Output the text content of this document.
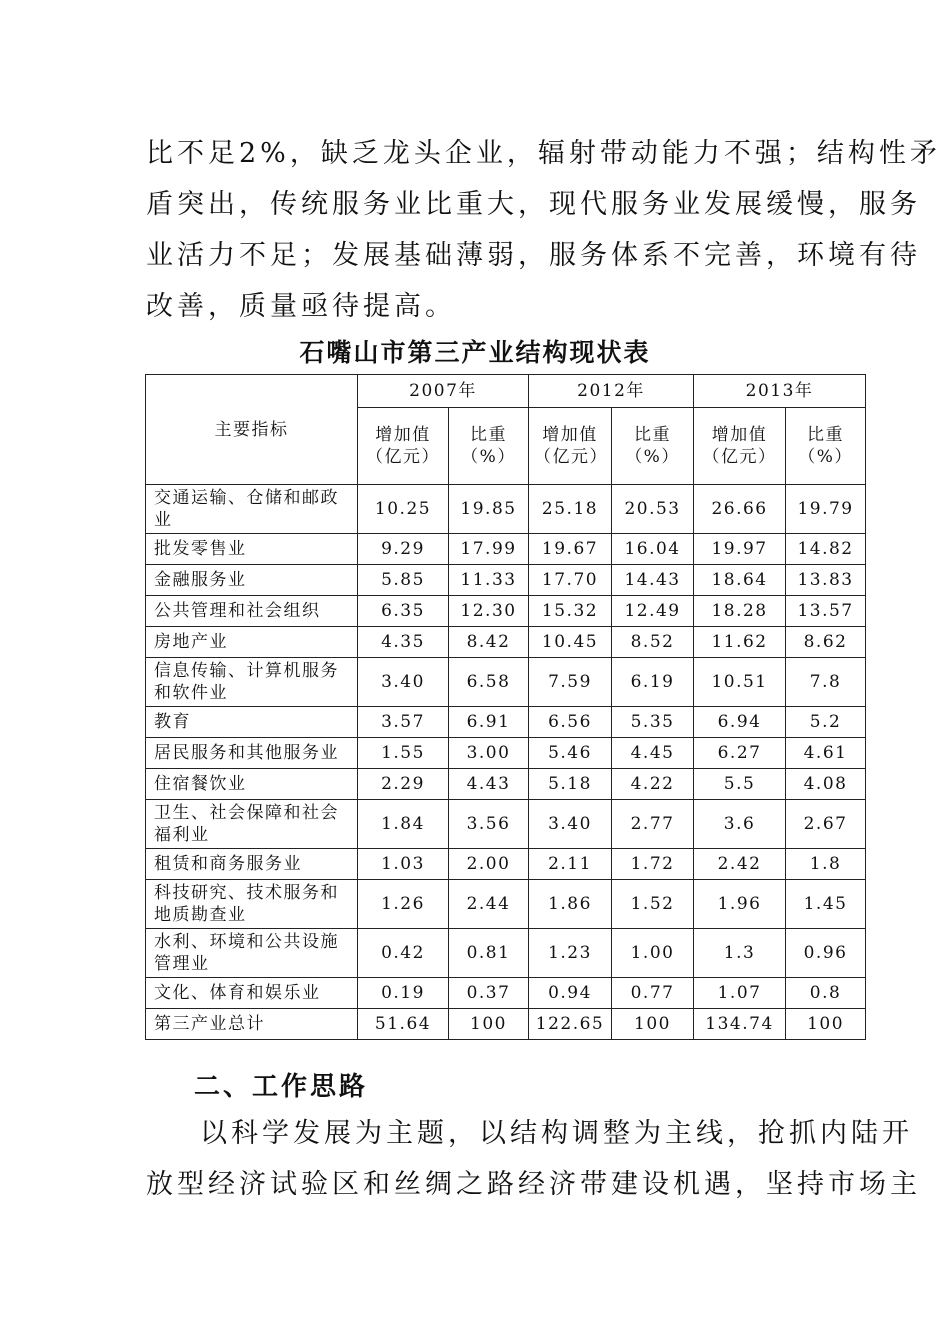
比不足2%，缺乏龙头企业，辐射带动能力不强；结构性矛
盾突出，传统服务业比重大，现代服务业发展缓慢，服务
业活力不足；发展基础薄弱，服务体系不完善，环境有待
改善，质量亟待提高。
石嘴山市第三产业结构现状表
主要指标	2007年		2012年		2013年	
	增加值（亿元）	比重（%）	增加值（亿元）	比重（%）	增加值（亿元）	比重（%）
交通运输、仓储和邮政业	10.25	19.85	25.18	20.53	26.66	19.79
批发零售业	9.29	17.99	19.67	16.04	19.97	14.82
金融服务业	5.85	11.33	17.70	14.43	18.64	13.83
公共管理和社会组织	6.35	12.30	15.32	12.49	18.28	13.57
房地产业	4.35	8.42	10.45	8.52	11.62	8.62
信息传输、计算机服务和软件业	3.40	6.58	7.59	6.19	10.51	7.8
教育	3.57	6.91	6.56	5.35	6.94	5.2
居民服务和其他服务业	1.55	3.00	5.46	4.45	6.27	4.61
住宿餐饮业	2.29	4.43	5.18	4.22	5.5	4.08
卫生、社会保障和社会福利业	1.84	3.56	3.40	2.77	3.6	2.67
租赁和商务服务业	1.03	2.00	2.11	1.72	2.42	1.8
科技研究、技术服务和地质勘查业	1.26	2.44	1.86	1.52	1.96	1.45
水利、环境和公共设施管理业	0.42	0.81	1.23	1.00	1.3	0.96
文化、体育和娱乐业	0.19	0.37	0.94	0.77	1.07	0.8
第三产业总计	51.64	100	122.65	100	134.74	100
二、工作思路
以科学发展为主题，以结构调整为主线，抢抓内陆开
放型经济试验区和丝绸之路经济带建设机遇，坚持市场主
